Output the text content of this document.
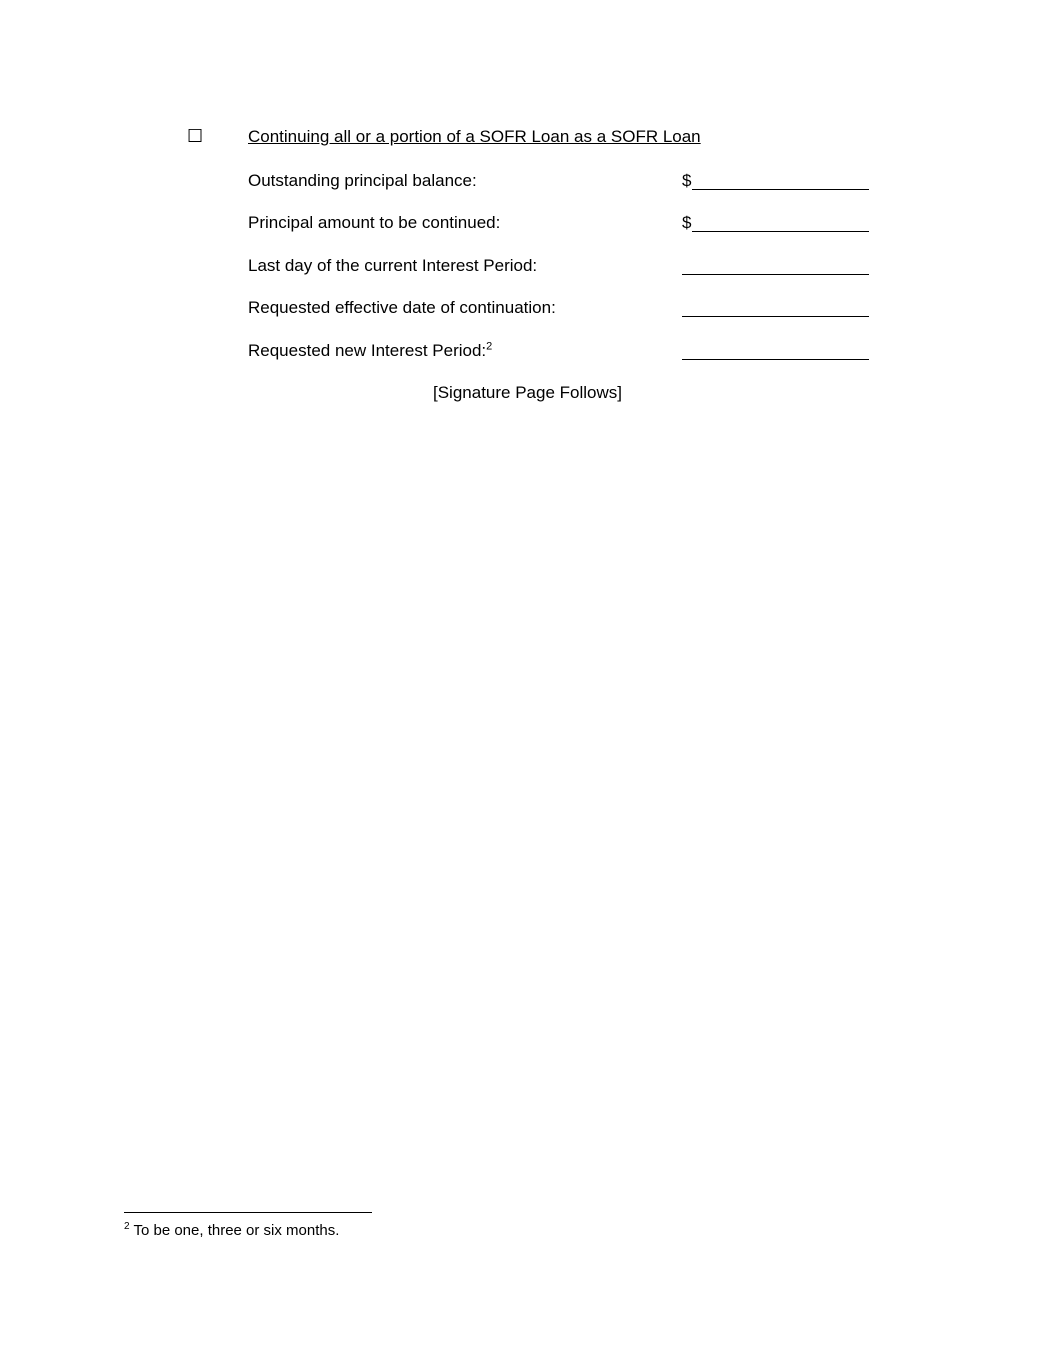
☐	Continuing all or a portion of a SOFR Loan as a SOFR Loan
Outstanding principal balance:	$
Principal amount to be continued:	$
Last day of the current Interest Period:
Requested effective date of continuation:
Requested new Interest Period:$^2$
[Signature Page Follows]
$^2$ To be one, three or six months.
